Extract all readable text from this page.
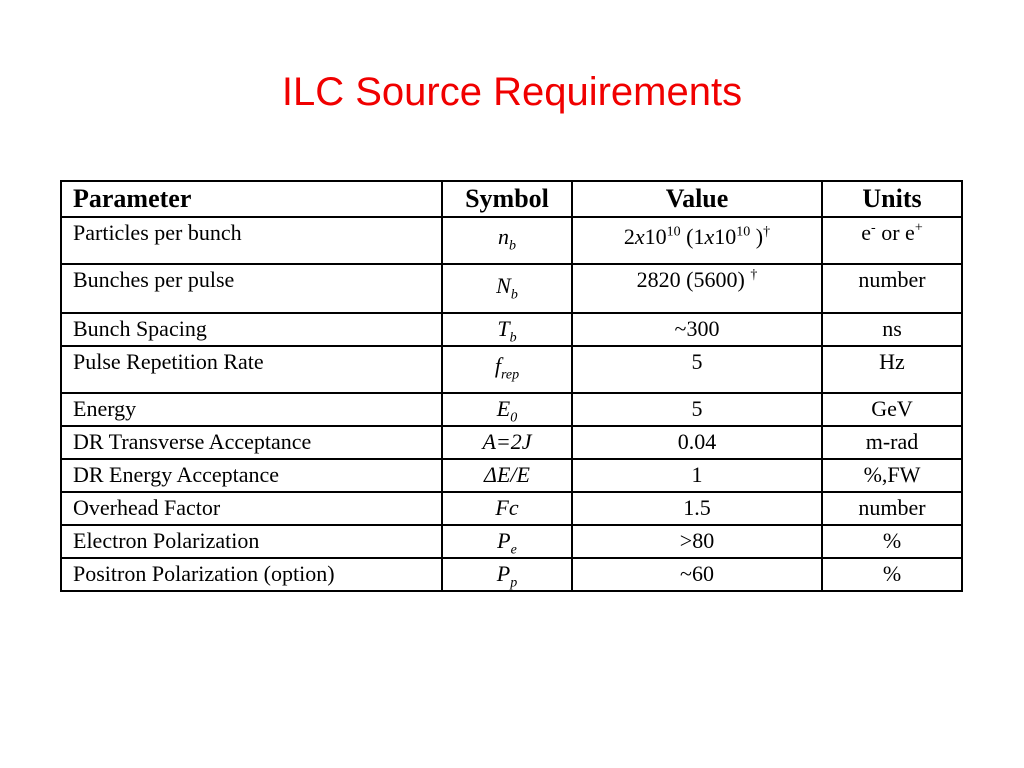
ILC Source Requirements
Parameter	Symbol	Value	Units
Particles per bunch	$n_b$	$2x10^{10}$ ($1x10^{10}$ )†	e- or e+
Bunches per pulse	$N_b$	2820 (5600) †	number
Bunch Spacing	$T_b$	~300	ns
Pulse Repetition Rate	$f_{rep}$	5	Hz
Energy	$E_0$	5	GeV
DR Transverse Acceptance	A=2J	0.04	m-rad
DR Energy Acceptance	ΔE/E	1	%,FW
Overhead Factor	Fc	1.5	number
Electron Polarization	$P_e$	>80	%
Positron Polarization (option)	$P_p$	~60	%
